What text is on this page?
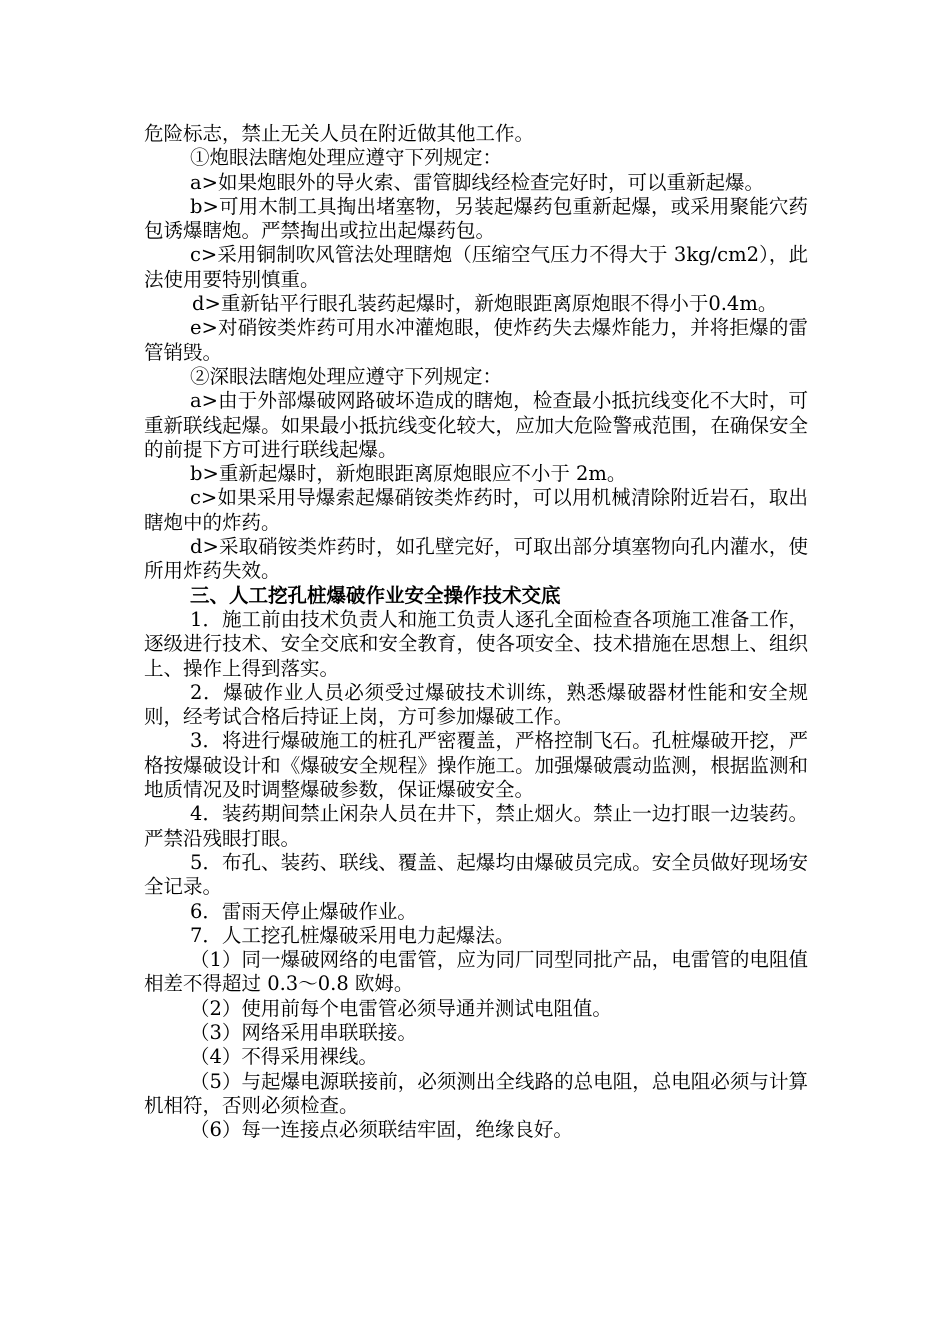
危险标志，禁止无关人员在附近做其他工作。

①炮眼法瞎炮处理应遵守下列规定：

a>如果炮眼外的导火索、雷管脚线经检查完好时，可以重新起爆。

b>可用木制工具掏出堵塞物，另装起爆药包重新起爆，或采用聚能穴药包诱爆瞎炮。严禁掏出或拉出起爆药包。

c>采用铜制吹风管法处理瞎炮（压缩空气压力不得大于 3kg/cm2），此法使用要特别慎重。

d>重新钻平行眼孔装药起爆时，新炮眼距离原炮眼不得小于0.4m。

e>对硝铵类炸药可用水冲灌炮眼，使炸药失去爆炸能力，并将拒爆的雷管销毁。

②深眼法瞎炮处理应遵守下列规定：

a>由于外部爆破网路破坏造成的瞎炮，检查最小抵抗线变化不大时，可重新联线起爆。如果最小抵抗线变化较大，应加大危险警戒范围，在确保安全的前提下方可进行联线起爆。

b>重新起爆时，新炮眼距离原炮眼应不小于 2m。

c>如果采用导爆索起爆硝铵类炸药时，可以用机械清除附近岩石，取出瞎炮中的炸药。

d>采取硝铵类炸药时，如孔壁完好，可取出部分填塞物向孔内灌水，使所用炸药失效。

三、人工挖孔桩爆破作业安全操作技术交底

1．施工前由技术负责人和施工负责人逐孔全面检查各项施工准备工作，逐级进行技术、安全交底和安全教育，使各项安全、技术措施在思想上、组织上、操作上得到落实。

2．爆破作业人员必须受过爆破技术训练，熟悉爆破器材性能和安全规则，经考试合格后持证上岗，方可参加爆破工作。

3．将进行爆破施工的桩孔严密覆盖，严格控制飞石。孔桩爆破开挖，严格按爆破设计和《爆破安全规程》操作施工。加强爆破震动监测，根据监测和地质情况及时调整爆破参数，保证爆破安全。

4．装药期间禁止闲杂人员在井下，禁止烟火。禁止一边打眼一边装药。严禁沿残眼打眼。

5．布孔、装药、联线、覆盖、起爆均由爆破员完成。安全员做好现场安全记录。

6．雷雨天停止爆破作业。

7．人工挖孔桩爆破采用电力起爆法。

（1）同一爆破网络的电雷管，应为同厂同型同批产品，电雷管的电阻值相差不得超过 0.3～0.8 欧姆。

（2）使用前每个电雷管必须导通并测试电阻值。

（3）网络采用串联联接。

（4）不得采用裸线。

（5）与起爆电源联接前，必须测出全线路的总电阻，总电阻必须与计算机相符，否则必须检查。

（6）每一连接点必须联结牢固，绝缘良好。
